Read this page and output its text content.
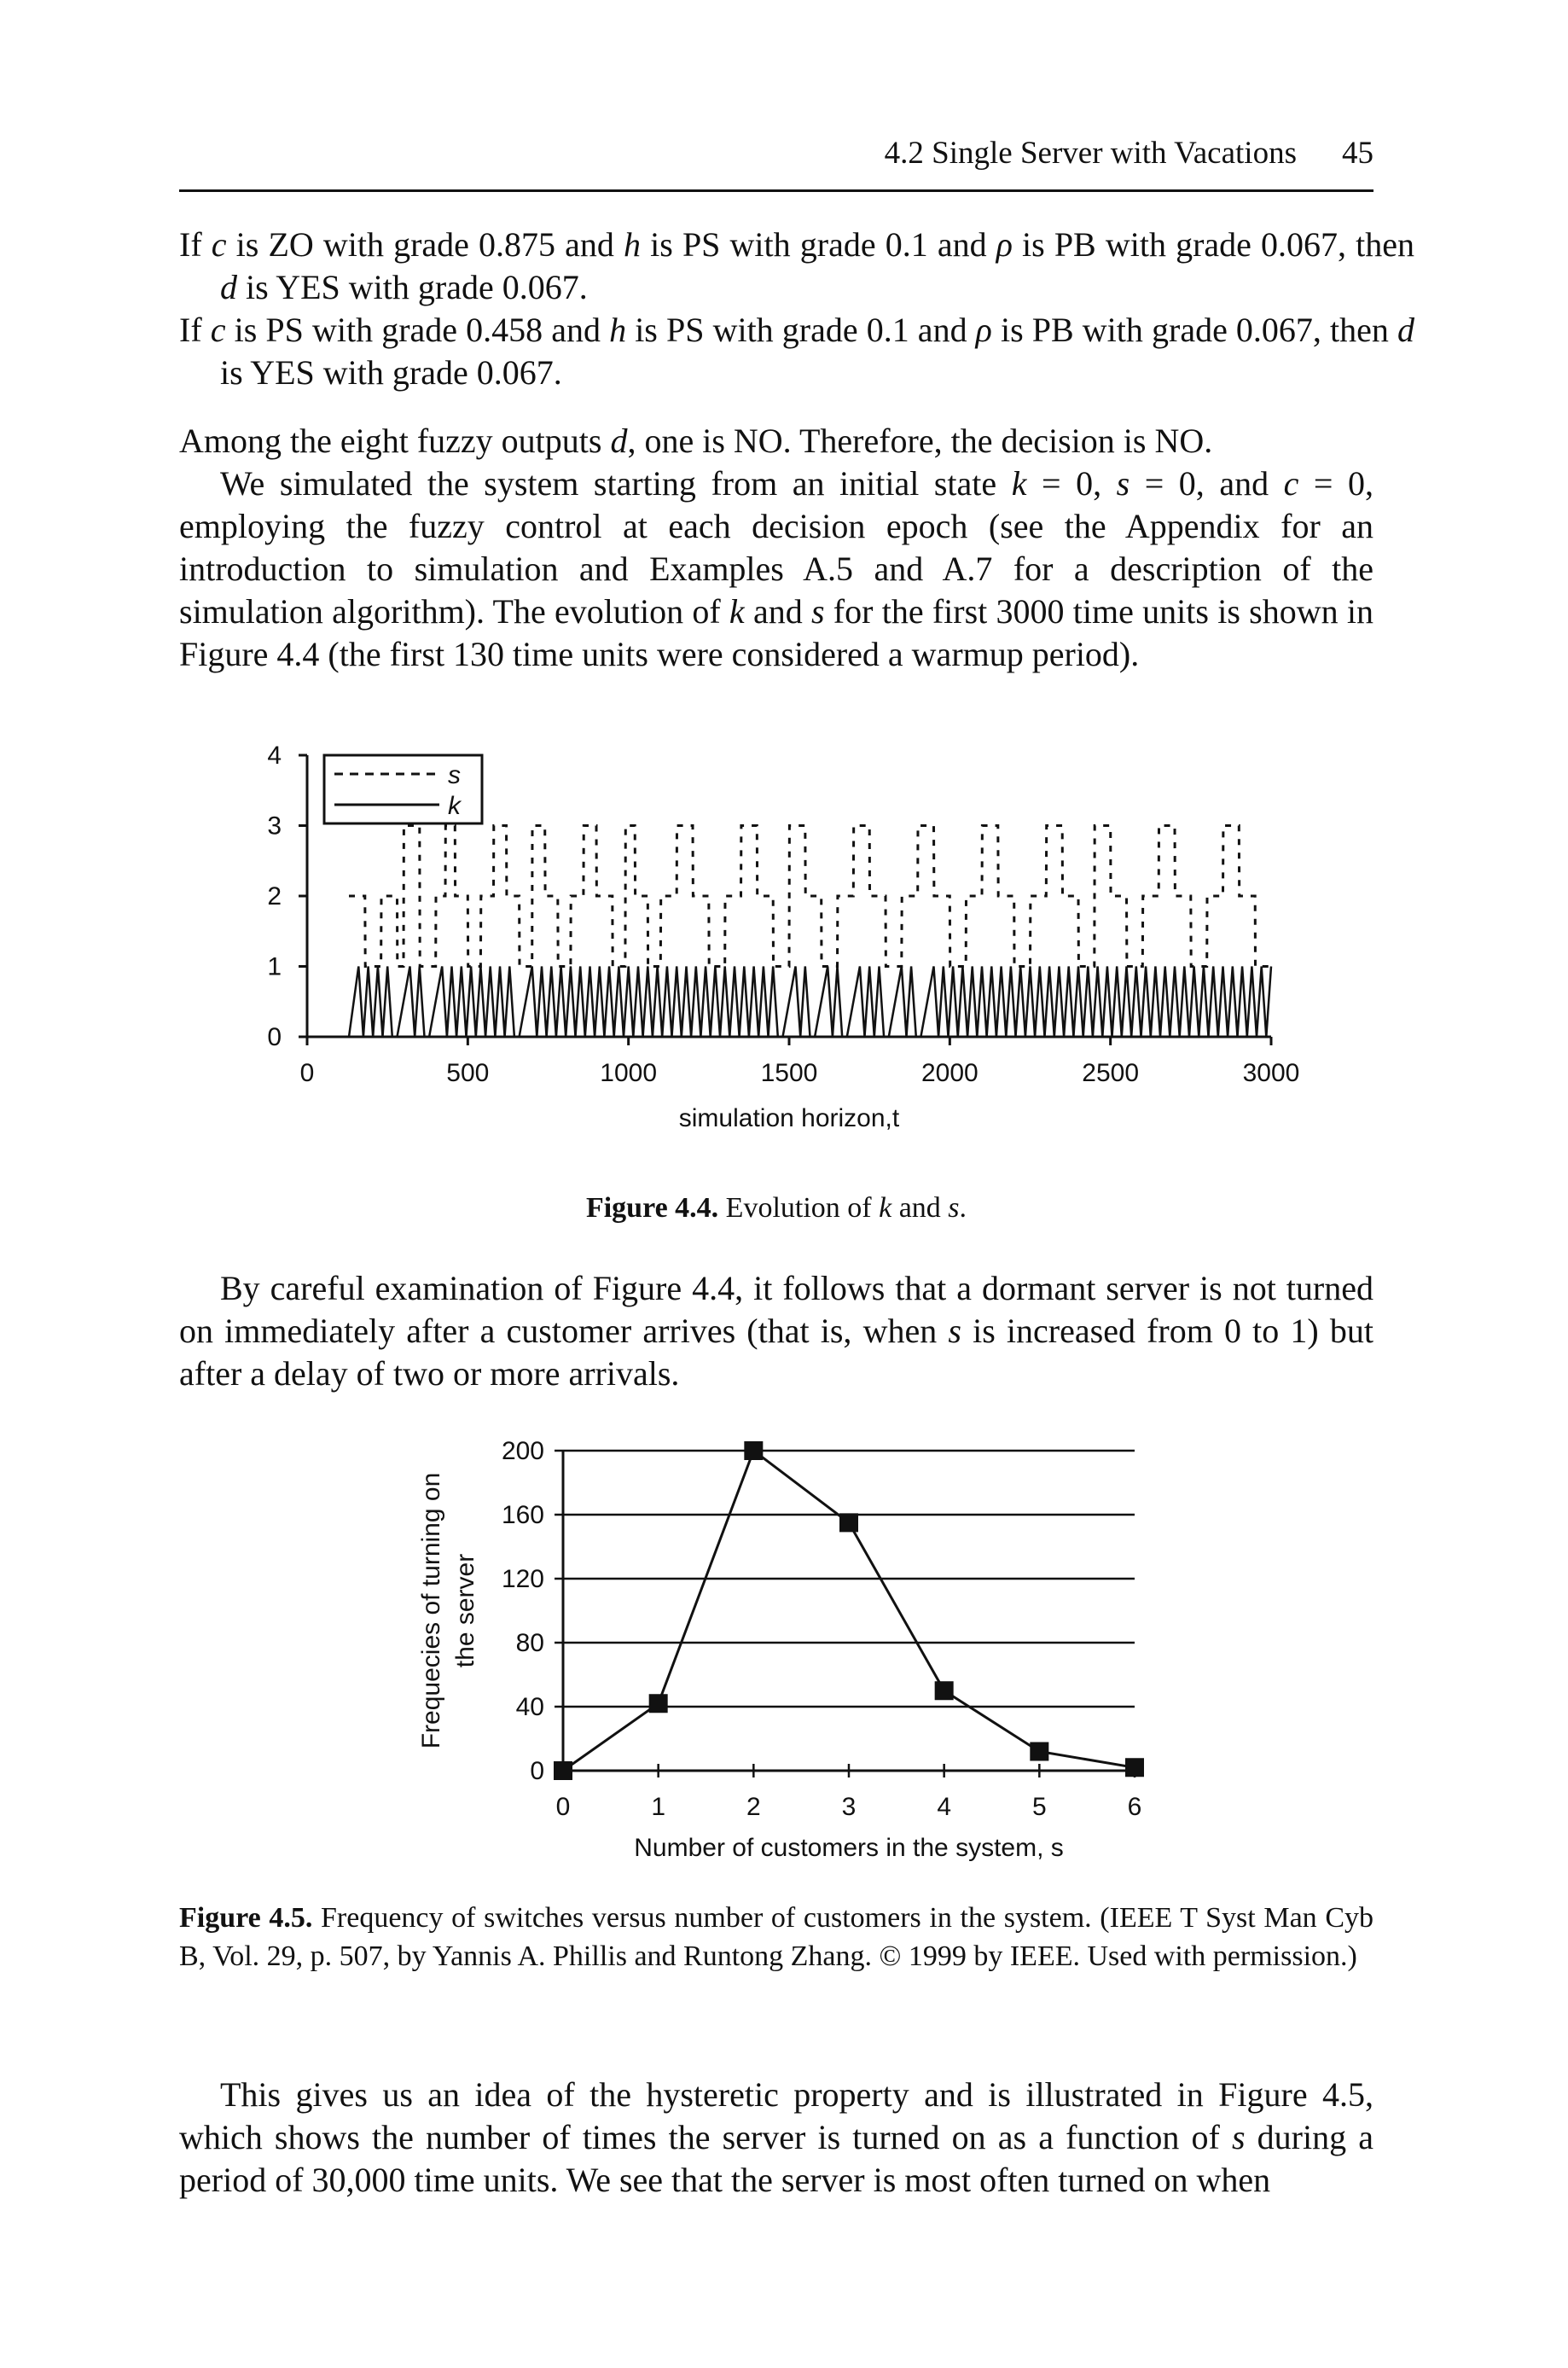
4.2 Single Server with Vacations 45
If c is ZO with grade 0.875 and h is PS with grade 0.1 and ρ is PB with grade 0.067, then d is YES with grade 0.067.
If c is PS with grade 0.458 and h is PS with grade 0.1 and ρ is PB with grade 0.067, then d is YES with grade 0.067.
Among the eight fuzzy outputs d, one is NO. Therefore, the decision is NO.
We simulated the system starting from an initial state k = 0, s = 0, and c = 0, employing the fuzzy control at each decision epoch (see the Appendix for an introduction to simulation and Examples A.5 and A.7 for a description of the simulation algorithm). The evolution of k and s for the first 3000 time units is shown in Figure 4.4 (the first 130 time units were considered a warmup period).
s
k
0	500	1000	1500	2000	2500	3000
0
1
2
3
4
simulation horizon,t
Figure 4.4. Evolution of k and s.
By careful examination of Figure 4.4, it follows that a dormant server is not turned on immediately after a customer arrives (that is, when s is increased from 0 to 1) but after a delay of two or more arrivals.
0
40
80
120
160
200
0	1	2	3	4	5	6
Number of customers in the system, s
Frequecies of turning on the server
Figure 4.5. Frequency of switches versus number of customers in the system. (IEEE T Syst Man Cyb B, Vol. 29, p. 507, by Yannis A. Phillis and Runtong Zhang. © 1999 by IEEE. Used with permission.)
This gives us an idea of the hysteretic property and is illustrated in Figure 4.5, which shows the number of times the server is turned on as a function of s during a period of 30,000 time units. We see that the server is most often turned on when
